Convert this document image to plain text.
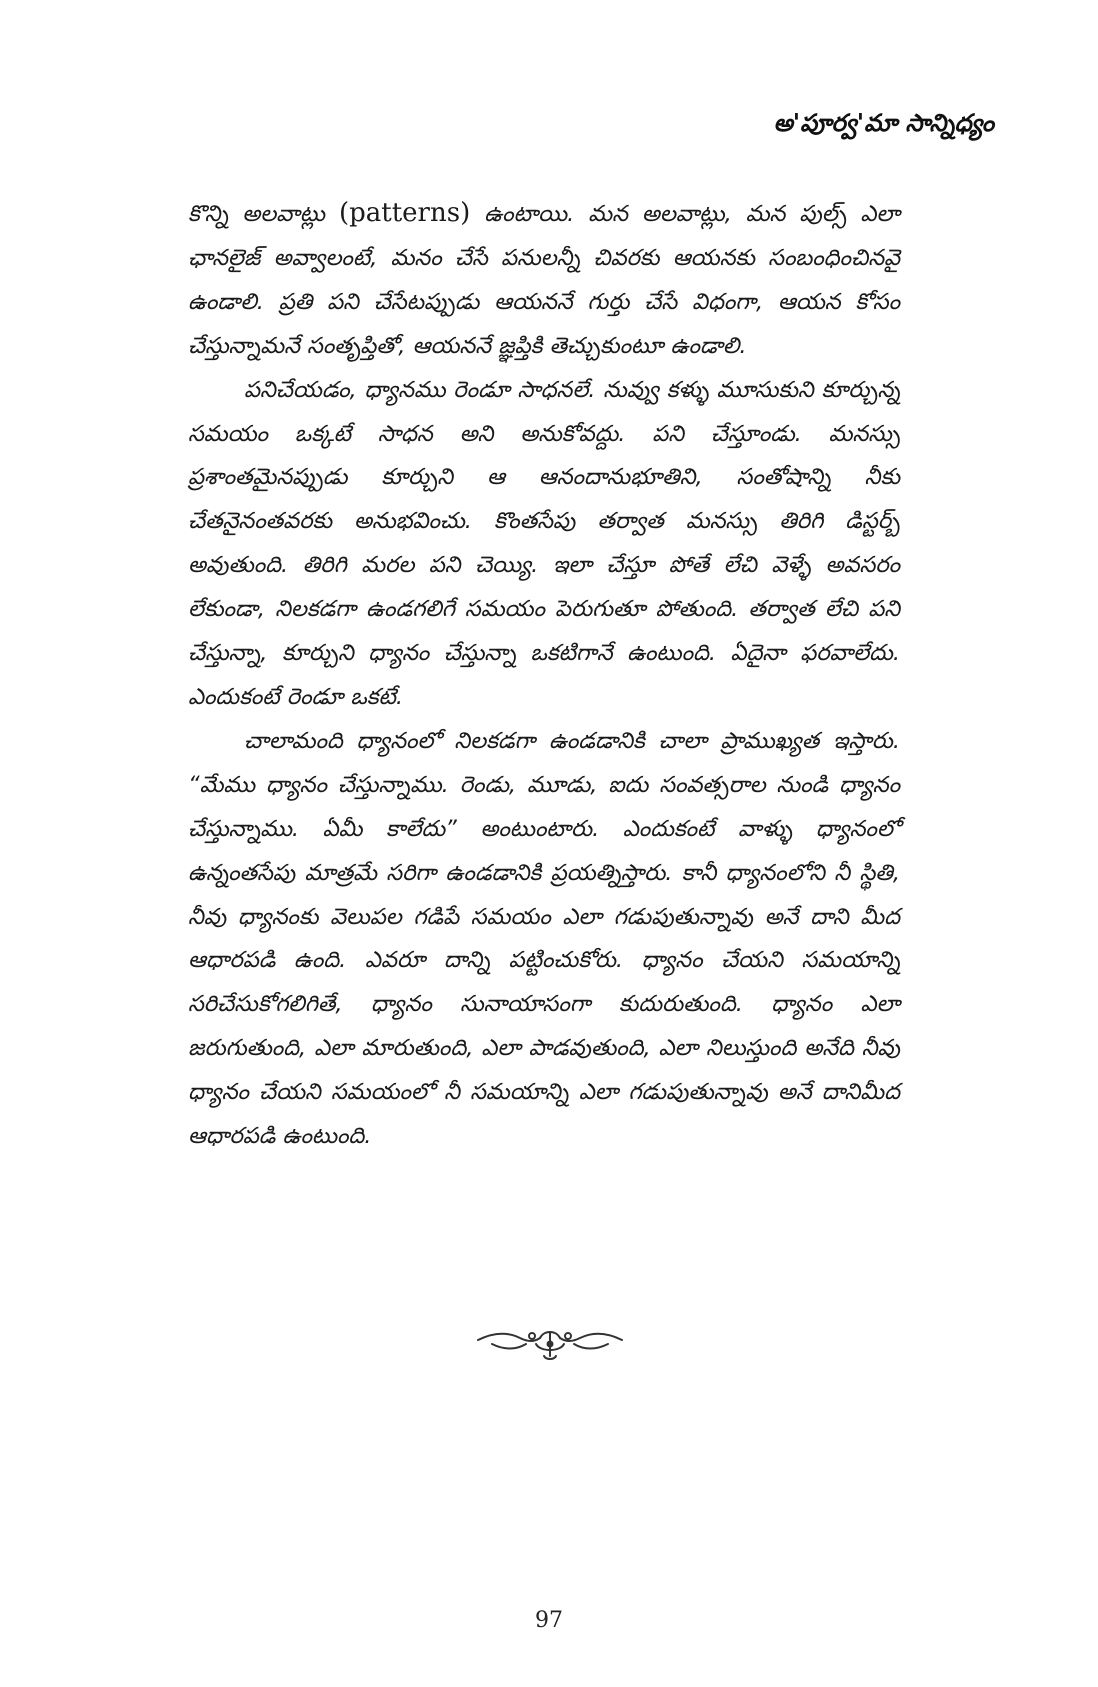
అ'పూర్వ'మా సాన్నిధ్యం

కొన్ని అలవాట్లు (patterns) ఉంటాయి. మన అలవాట్లు, మన పుల్స్ ఎలా ఛానలైజ్ అవ్వాలంటే, మనం చేసే పనులన్నీ చివరకు ఆయనకు సంబంధించినవై ఉండాలి. ప్రతి పని చేసేటప్పుడు ఆయననే గుర్తు చేసే విధంగా, ఆయన కోసం చేస్తున్నామనే సంతృప్తితో, ఆయననే జ్ఞప్తికి తెచ్చుకుంటూ ఉండాలి.

పనిచేయడం, ధ్యానము రెండూ సాధనలే. నువ్వు కళ్ళు మూసుకుని కూర్చున్న సమయం ఒక్కటే సాధన అని అనుకోవద్దు. పని చేస్తూండు. మనస్సు ప్రశాంతమైనప్పుడు కూర్చుని ఆ ఆనందానుభూతిని, సంతోషాన్ని నీకు చేతనైనంతవరకు అనుభవించు. కొంతసేపు తర్వాత మనస్సు తిరిగి డిస్టర్బ్ అవుతుంది. తిరిగి మరల పని చెయ్యి. ఇలా చేస్తూ పోతే లేచి వెళ్ళే అవసరం లేకుండా, నిలకడగా ఉండగలిగే సమయం పెరుగుతూ పోతుంది. తర్వాత లేచి పని చేస్తున్నా, కూర్చుని ధ్యానం చేస్తున్నా ఒకటిగానే ఉంటుంది. ఏదైనా ఫరవాలేదు. ఎందుకంటే రెండూ ఒకటే.

చాలామంది ధ్యానంలో నిలకడగా ఉండడానికి చాలా ప్రాముఖ్యత ఇస్తారు. “మేము ధ్యానం చేస్తున్నాము. రెండు, మూడు, ఐదు సంవత్సరాల నుండి ధ్యానం చేస్తున్నాము. ఏమీ కాలేదు” అంటుంటారు. ఎందుకంటే వాళ్ళు ధ్యానంలో ఉన్నంతసేపు మాత్రమే సరిగా ఉండడానికి ప్రయత్నిస్తారు. కానీ ధ్యానంలోని నీ స్థితి, నీవు ధ్యానంకు వెలుపల గడిపే సమయం ఎలా గడుపుతున్నావు అనే దాని మీద ఆధారపడి ఉంది. ఎవరూ దాన్ని పట్టించుకోరు. ధ్యానం చేయని సమయాన్ని సరిచేసుకోగలిగితే, ధ్యానం సునాయాసంగా కుదురుతుంది. ధ్యానం ఎలా జరుగుతుంది, ఎలా మారుతుంది, ఎలా పాడవుతుంది, ఎలా నిలుస్తుంది అనేది నీవు ధ్యానం చేయని సమయంలో నీ సమయాన్ని ఎలా గడుపుతున్నావు అనే దానిమీద ఆధారపడి ఉంటుంది.

97
